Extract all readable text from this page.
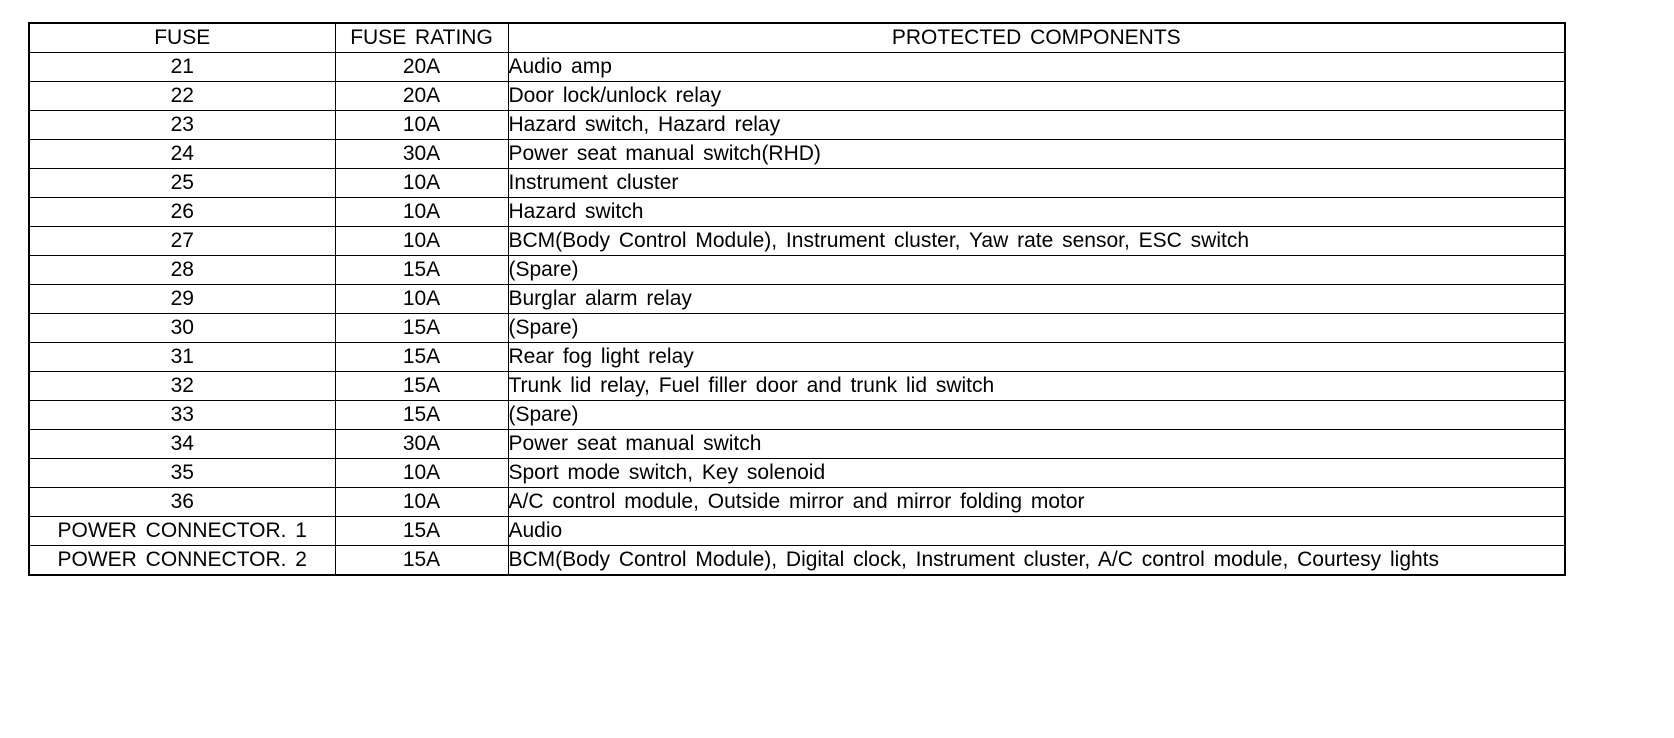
FUSE	FUSE RATING	PROTECTED COMPONENTS
21	20A	Audio amp
22	20A	Door lock/unlock relay
23	10A	Hazard switch, Hazard relay
24	30A	Power seat manual switch(RHD)
25	10A	Instrument cluster
26	10A	Hazard switch
27	10A	BCM(Body Control Module), Instrument cluster, Yaw rate sensor, ESC switch
28	15A	(Spare)
29	10A	Burglar alarm relay
30	15A	(Spare)
31	15A	Rear fog light relay
32	15A	Trunk lid relay, Fuel filler door and trunk lid switch
33	15A	(Spare)
34	30A	Power seat manual switch
35	10A	Sport mode switch, Key solenoid
36	10A	A/C control module, Outside mirror and mirror folding motor
POWER CONNECTOR. 1	15A	Audio
POWER CONNECTOR. 2	15A	BCM(Body Control Module), Digital clock, Instrument cluster, A/C control module, Courtesy lights
